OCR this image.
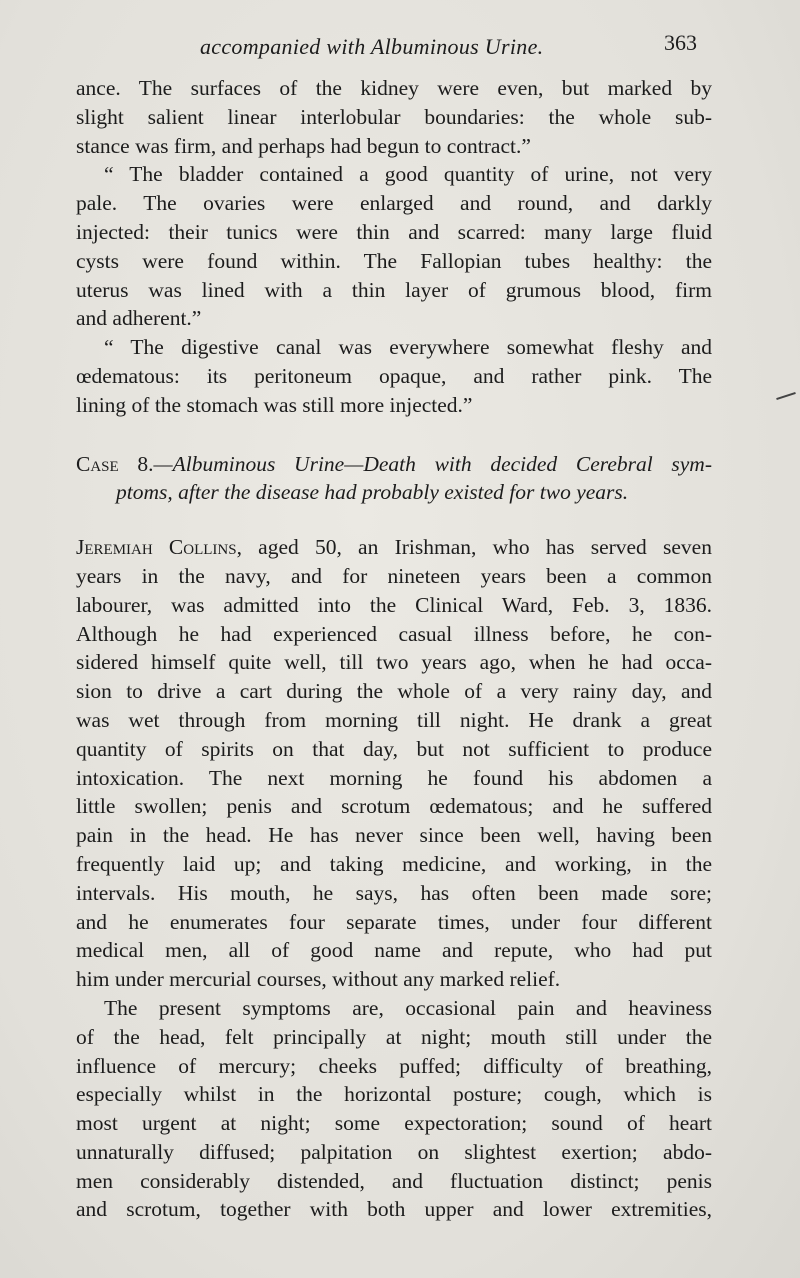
accompanied with Albuminous Urine.	363
ance. The surfaces of the kidney were even, but marked by
slight salient linear interlobular boundaries: the whole sub-
stance was firm, and perhaps had begun to contract.”
“ The bladder contained a good quantity of urine, not very
pale. The ovaries were enlarged and round, and darkly
injected: their tunics were thin and scarred: many large fluid
cysts were found within. The Fallopian tubes healthy: the
uterus was lined with a thin layer of grumous blood, firm
and adherent.”
“ The digestive canal was everywhere somewhat fleshy and
œdematous: its peritoneum opaque, and rather pink. The
lining of the stomach was still more injected.”
Case 8.—Albuminous Urine—Death with decided Cerebral sym-
ptoms, after the disease had probably existed for two years.
Jeremiah Collins, aged 50, an Irishman, who has served seven
years in the navy, and for nineteen years been a common
labourer, was admitted into the Clinical Ward, Feb. 3, 1836.
Although he had experienced casual illness before, he con-
sidered himself quite well, till two years ago, when he had occa-
sion to drive a cart during the whole of a very rainy day, and
was wet through from morning till night. He drank a great
quantity of spirits on that day, but not sufficient to produce
intoxication. The next morning he found his abdomen a
little swollen; penis and scrotum œdematous; and he suffered
pain in the head. He has never since been well, having been
frequently laid up; and taking medicine, and working, in the
intervals. His mouth, he says, has often been made sore;
and he enumerates four separate times, under four different
medical men, all of good name and repute, who had put
him under mercurial courses, without any marked relief.
The present symptoms are, occasional pain and heaviness
of the head, felt principally at night; mouth still under the
influence of mercury; cheeks puffed; difficulty of breathing,
especially whilst in the horizontal posture; cough, which is
most urgent at night; some expectoration; sound of heart
unnaturally diffused; palpitation on slightest exertion; abdo-
men considerably distended, and fluctuation distinct; penis
and scrotum, together with both upper and lower extremities,
